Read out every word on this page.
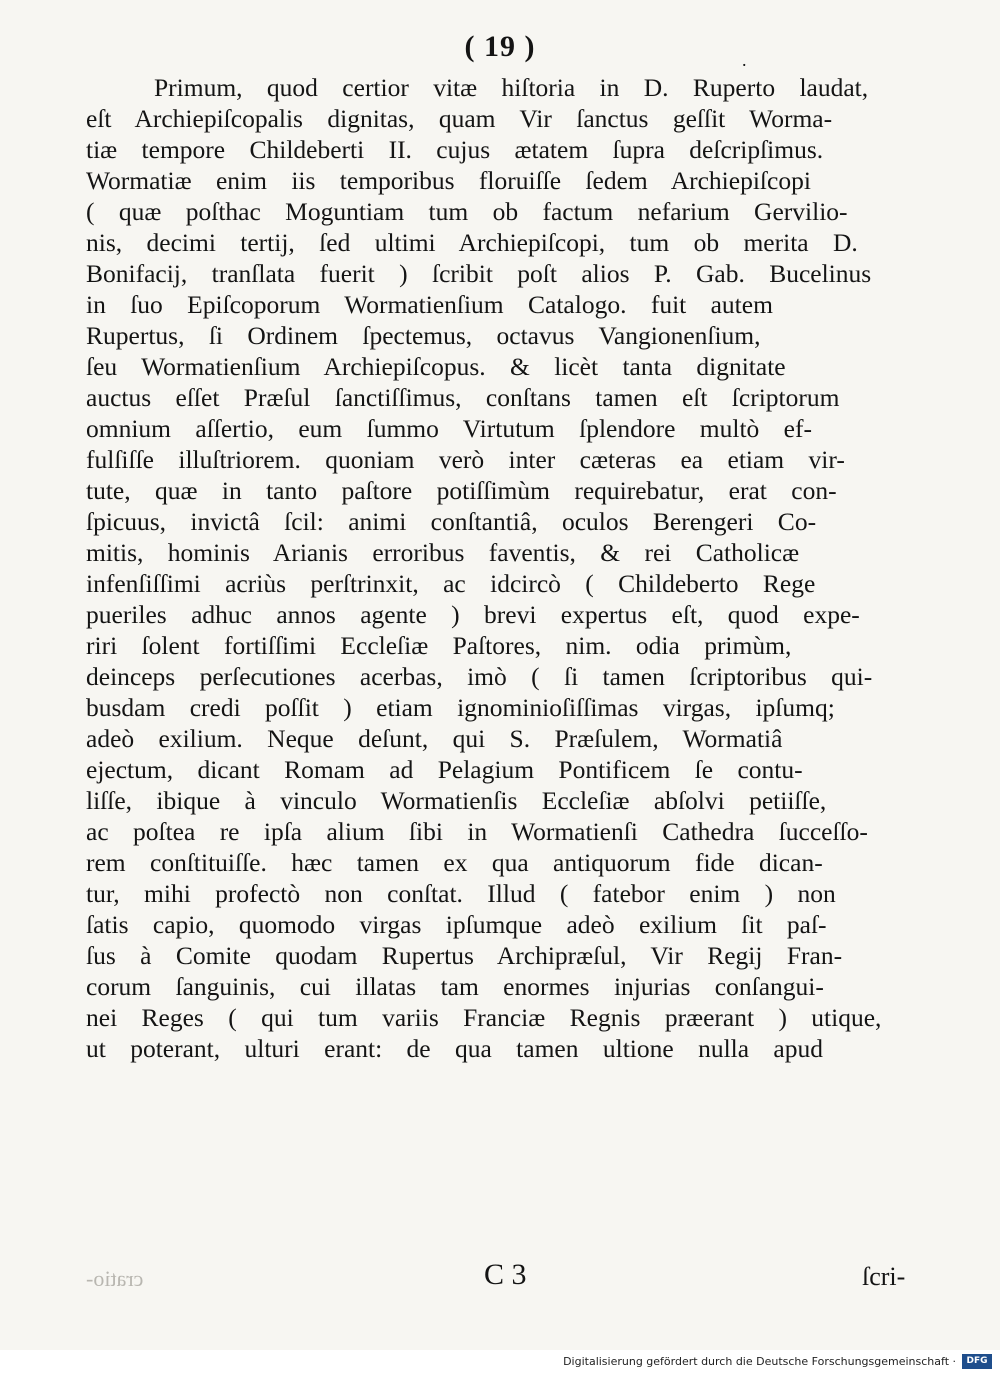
( 19 )	.
Primum, quod certior vitæ hiſtoria in D. Ruperto laudat,
eſt Archiepiſcopalis dignitas, quam Vir ſanctus geſſit Worma-
tiæ tempore Childeberti II. cujus ætatem ſupra deſcripſimus.
Wormatiæ enim iis temporibus floruiſſe ſedem Archiepiſcopi
( quæ poſthac Moguntiam tum ob factum nefarium Gervilio-
nis, decimi tertij, ſed ultimi Archiepiſcopi, tum ob merita D.
Bonifacij, tranſlata fuerit ) ſcribit poſt alios P. Gab. Bucelinus
in ſuo Epiſcoporum Wormatienſium Catalogo. fuit autem
Rupertus, ſi Ordinem ſpectemus, octavus Vangionenſium,
ſeu Wormatienſium Archiepiſcopus. & licèt tanta dignitate
auctus eſſet Præſul ſanctiſſimus, conſtans tamen eſt ſcriptorum
omnium aſſertio, eum ſummo Virtutum ſplendore multò ef-
fulſiſſe illuſtriorem. quoniam verò inter cæteras ea etiam vir-
tute, quæ in tanto paſtore potiſſimùm requirebatur, erat con-
ſpicuus, invictâ ſcil: animi conſtantiâ, oculos Berengeri Co-
mitis, hominis Arianis erroribus faventis, & rei Catholicæ
infenſiſſimi acriùs perſtrinxit, ac idcircò ( Childeberto Rege
pueriles adhuc annos agente ) brevi expertus eſt, quod expe-
riri ſolent fortiſſimi Eccleſiæ Paſtores, nim. odia primùm,
deinceps perſecutiones acerbas, imò ( ſi tamen ſcriptoribus qui-
busdam credi poſſit ) etiam ignominioſiſſimas virgas, ipſumq;
adeò exilium. Neque deſunt, qui S. Præſulem, Wormatiâ
ejectum, dicant Romam ad Pelagium Pontificem ſe contu-
liſſe, ibique à vinculo Wormatienſis Eccleſiæ abſolvi petiiſſe,
ac poſtea re ipſa alium ſibi in Wormatienſi Cathedra ſucceſſo-
rem conſtituiſſe. hæc tamen ex qua antiquorum fide dican-
tur, mihi profectò non conſtat. Illud ( fatebor enim ) non
ſatis capio, quomodo virgas ipſumque adeò exilium ſit paſ-
ſus à Comite quodam Rupertus Archipræſul, Vir Regij Fran-
corum ſanguinis, cui illatas tam enormes injurias conſangui-
nei Reges ( qui tum variis Franciæ Regnis præerant ) utique,
ut poterant, ulturi erant: de qua tamen ultione nulla apud
cratio-	C 3	ſcri-
Digitalisierung gefördert durch die Deutsche Forschungsgemeinschaft ·	DFG
